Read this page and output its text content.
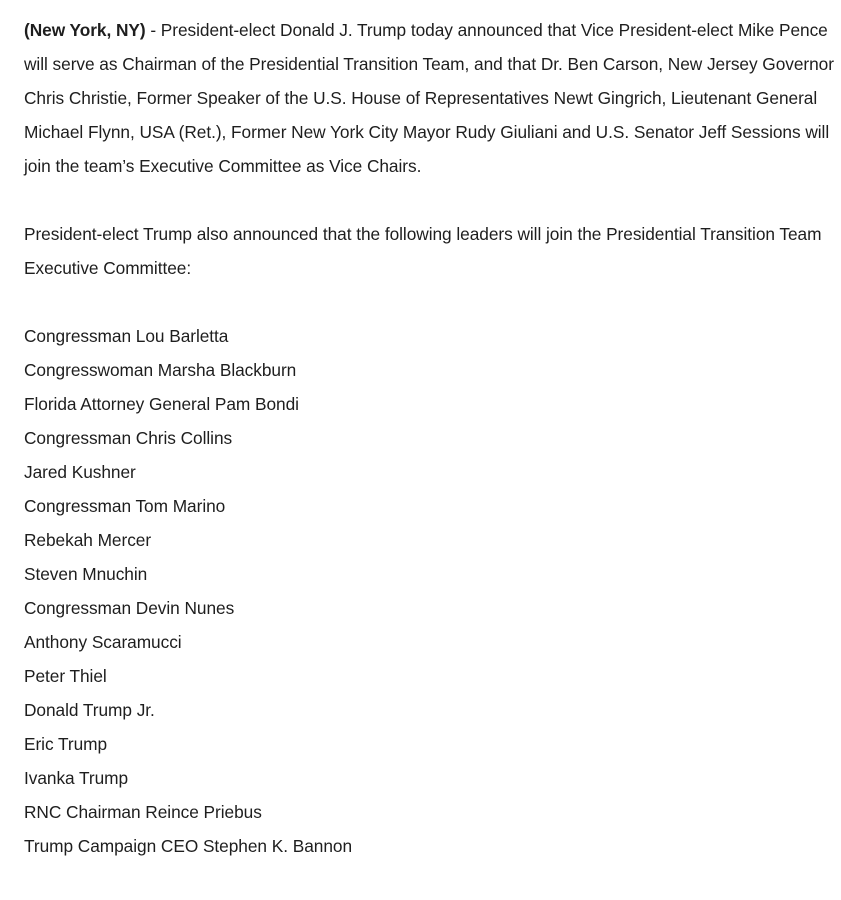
(New York, NY) - President-elect Donald J. Trump today announced that Vice President-elect Mike Pence will serve as Chairman of the Presidential Transition Team, and that Dr. Ben Carson, New Jersey Governor Chris Christie, Former Speaker of the U.S. House of Representatives Newt Gingrich, Lieutenant General Michael Flynn, USA (Ret.), Former New York City Mayor Rudy Giuliani and U.S. Senator Jeff Sessions will join the team’s Executive Committee as Vice Chairs.

President-elect Trump also announced that the following leaders will join the Presidential Transition Team Executive Committee:

Congressman Lou Barletta
Congresswoman Marsha Blackburn
Florida Attorney General Pam Bondi
Congressman Chris Collins
Jared Kushner
Congressman Tom Marino
Rebekah Mercer
Steven Mnuchin
Congressman Devin Nunes
Anthony Scaramucci
Peter Thiel
Donald Trump Jr.
Eric Trump
Ivanka Trump
RNC Chairman Reince Priebus
Trump Campaign CEO Stephen K. Bannon
